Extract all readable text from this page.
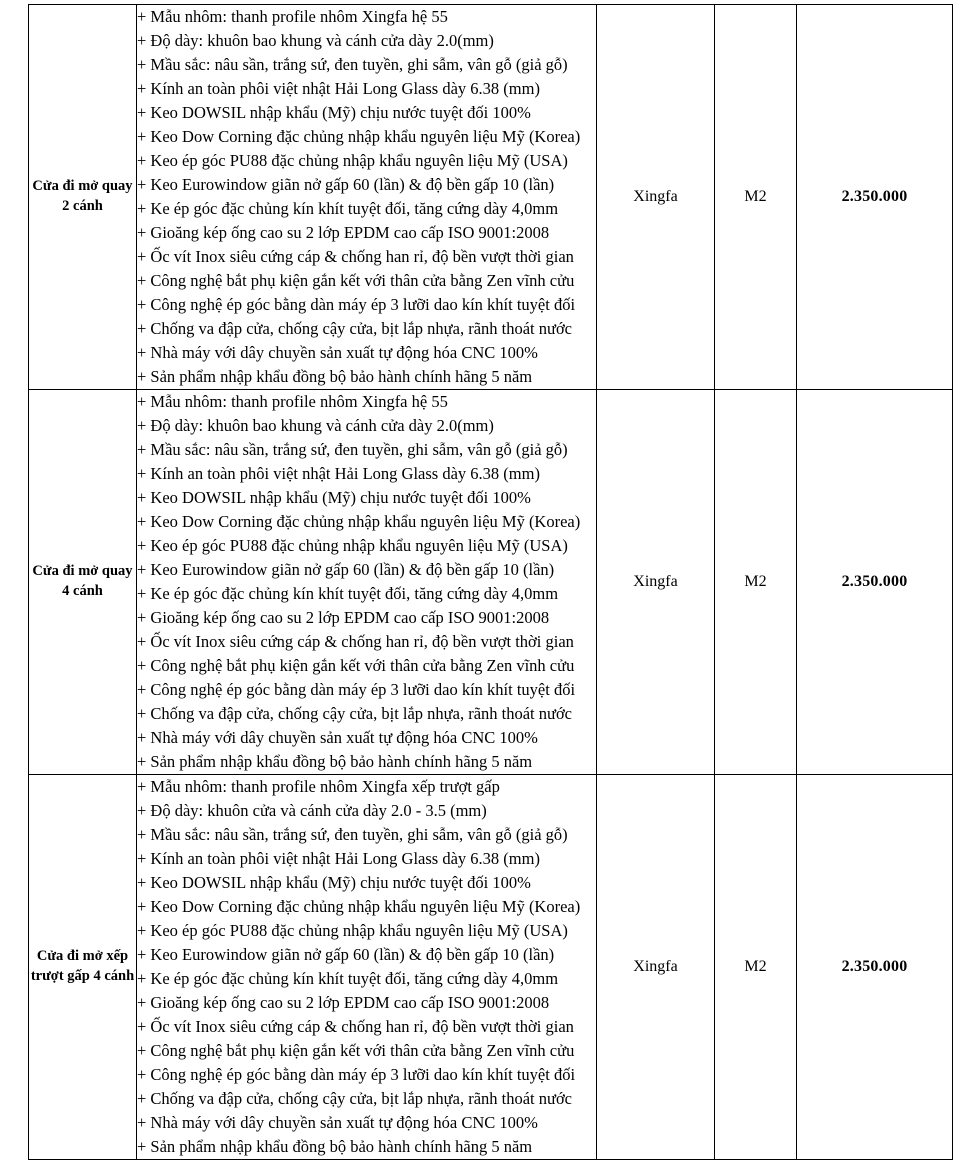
Cửa đi mở quay 2 cánh	
+ Mẫu nhôm: thanh profile nhôm Xingfa hệ 55
+ Độ dày: khuôn bao khung và cánh cửa dày 2.0(mm)
+ Mầu sắc: nâu sần, trắng sứ, đen tuyền, ghi sẫm, vân gỗ (giả gỗ)
+ Kính an toàn phôi việt nhật Hải Long Glass dày 6.38 (mm)
+ Keo DOWSIL nhập khẩu (Mỹ) chịu nước tuyệt đối 100%
+ Keo Dow Corning đặc chủng nhập khẩu nguyên liệu Mỹ (Korea)
+ Keo ép góc PU88 đặc chủng nhập khẩu nguyên liệu Mỹ (USA)
+ Keo Eurowindow giãn nở gấp 60 (lần) & độ bền gấp 10 (lần)
+ Ke ép góc đặc chủng kín khít tuyệt đối, tăng cứng dày 4,0mm
+ Gioăng kép ống cao su 2 lớp EPDM cao cấp ISO 9001:2008
+ Ốc vít Inox siêu cứng cáp & chống han rỉ, độ bền vượt thời gian
+ Công nghệ bắt phụ kiện gắn kết với thân cửa bằng Zen vĩnh cửu
+ Công nghệ ép góc bằng dàn máy ép 3 lưỡi dao kín khít tuyệt đối
+ Chống va đập cửa, chống cậy cửa, bịt lắp nhựa, rãnh thoát nước
+ Nhà máy với dây chuyền sản xuất tự động hóa CNC 100%
+ Sản phẩm nhập khẩu đồng bộ bảo hành chính hãng 5 năm
	Xingfa	M2	2.350.000
Cửa đi mở quay 4 cánh	
+ Mẫu nhôm: thanh profile nhôm Xingfa hệ 55
+ Độ dày: khuôn bao khung và cánh cửa dày 2.0(mm)
+ Mầu sắc: nâu sần, trắng sứ, đen tuyền, ghi sẫm, vân gỗ (giả gỗ)
+ Kính an toàn phôi việt nhật Hải Long Glass dày 6.38 (mm)
+ Keo DOWSIL nhập khẩu (Mỹ) chịu nước tuyệt đối 100%
+ Keo Dow Corning đặc chủng nhập khẩu nguyên liệu Mỹ (Korea)
+ Keo ép góc PU88 đặc chủng nhập khẩu nguyên liệu Mỹ (USA)
+ Keo Eurowindow giãn nở gấp 60 (lần) & độ bền gấp 10 (lần)
+ Ke ép góc đặc chủng kín khít tuyệt đối, tăng cứng dày 4,0mm
+ Gioăng kép ống cao su 2 lớp EPDM cao cấp ISO 9001:2008
+ Ốc vít Inox siêu cứng cáp & chống han rỉ, độ bền vượt thời gian
+ Công nghệ bắt phụ kiện gắn kết với thân cửa bằng Zen vĩnh cửu
+ Công nghệ ép góc bằng dàn máy ép 3 lưỡi dao kín khít tuyệt đối
+ Chống va đập cửa, chống cậy cửa, bịt lắp nhựa, rãnh thoát nước
+ Nhà máy với dây chuyền sản xuất tự động hóa CNC 100%
+ Sản phẩm nhập khẩu đồng bộ bảo hành chính hãng 5 năm
	Xingfa	M2	2.350.000
Cửa đi mở xếp trượt gấp 4 cánh	
+ Mẫu nhôm: thanh profile nhôm Xingfa xếp trượt gấp
+ Độ dày: khuôn cửa và cánh cửa dày 2.0 - 3.5 (mm)
+ Mầu sắc: nâu sần, trắng sứ, đen tuyền, ghi sẫm, vân gỗ (giả gỗ)
+ Kính an toàn phôi việt nhật Hải Long Glass dày 6.38 (mm)
+ Keo DOWSIL nhập khẩu (Mỹ) chịu nước tuyệt đối 100%
+ Keo Dow Corning đặc chủng nhập khẩu nguyên liệu Mỹ (Korea)
+ Keo ép góc PU88 đặc chủng nhập khẩu nguyên liệu Mỹ (USA)
+ Keo Eurowindow giãn nở gấp 60 (lần) & độ bền gấp 10 (lần)
+ Ke ép góc đặc chủng kín khít tuyệt đối, tăng cứng dày 4,0mm
+ Gioăng kép ống cao su 2 lớp EPDM cao cấp ISO 9001:2008
+ Ốc vít Inox siêu cứng cáp & chống han rỉ, độ bền vượt thời gian
+ Công nghệ bắt phụ kiện gắn kết với thân cửa bằng Zen vĩnh cửu
+ Công nghệ ép góc bằng dàn máy ép 3 lưỡi dao kín khít tuyệt đối
+ Chống va đập cửa, chống cậy cửa, bịt lắp nhựa, rãnh thoát nước
+ Nhà máy với dây chuyền sản xuất tự động hóa CNC 100%
+ Sản phẩm nhập khẩu đồng bộ bảo hành chính hãng 5 năm
	Xingfa	M2	2.350.000
